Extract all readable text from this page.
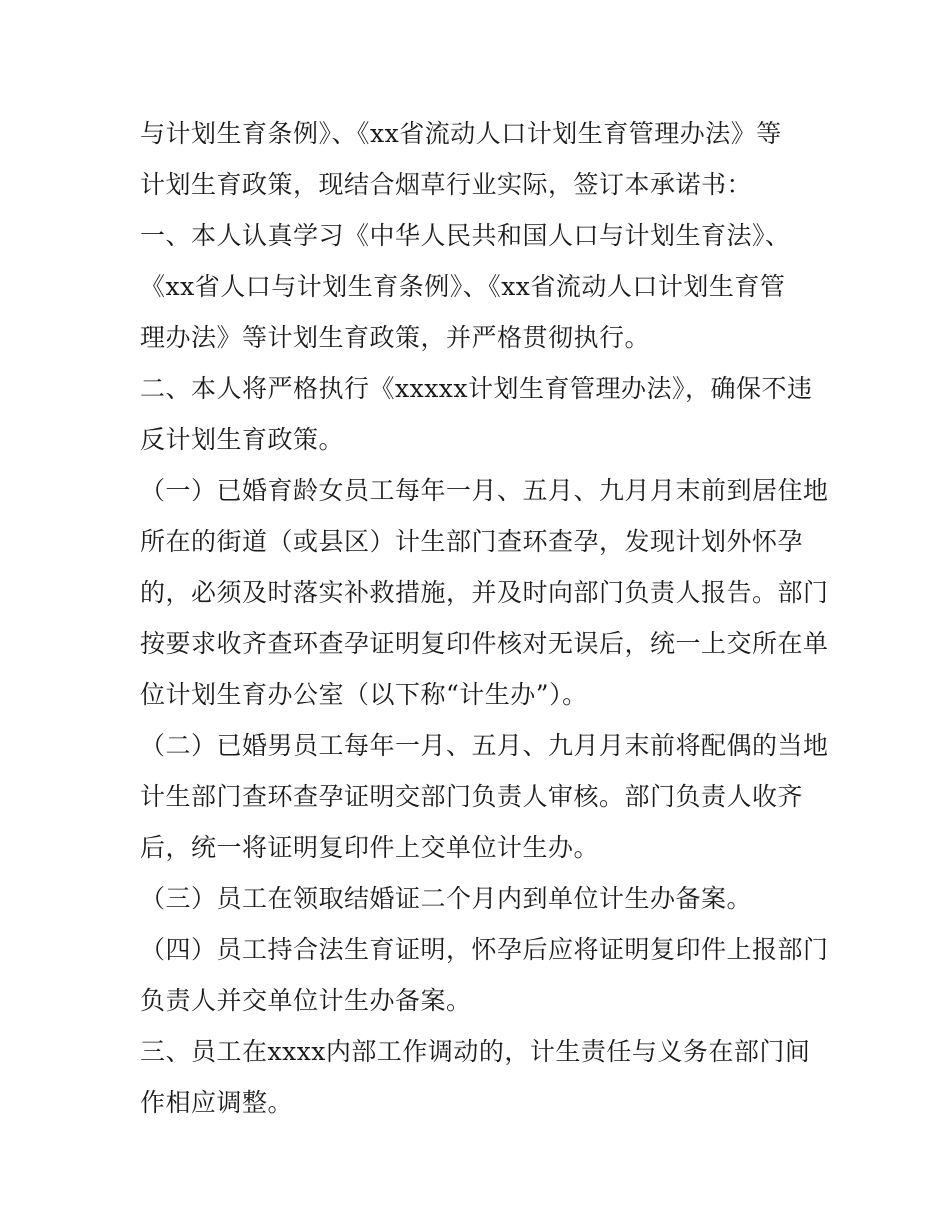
与计划生育条例》、《xx省流动人口计划生育管理办法》等
计划生育政策，现结合烟草行业实际，签订本承诺书：
一、本人认真学习《中华人民共和国人口与计划生育法》、
《xx省人口与计划生育条例》、《xx省流动人口计划生育管
理办法》等计划生育政策，并严格贯彻执行。
二、本人将严格执行《xxxxx计划生育管理办法》，确保不违
反计划生育政策。
（一）已婚育龄女员工每年一月、五月、九月月末前到居住地
所在的街道（或县区）计生部门查环查孕，发现计划外怀孕
的，必须及时落实补救措施，并及时向部门负责人报告。部门
按要求收齐查环查孕证明复印件核对无误后，统一上交所在单
位计划生育办公室（以下称“计生办”）。
（二）已婚男员工每年一月、五月、九月月末前将配偶的当地
计生部门查环查孕证明交部门负责人审核。部门负责人收齐
后，统一将证明复印件上交单位计生办。
（三）员工在领取结婚证二个月内到单位计生办备案。
（四）员工持合法生育证明，怀孕后应将证明复印件上报部门
负责人并交单位计生办备案。
三、员工在xxxx内部工作调动的，计生责任与义务在部门间
作相应调整。
